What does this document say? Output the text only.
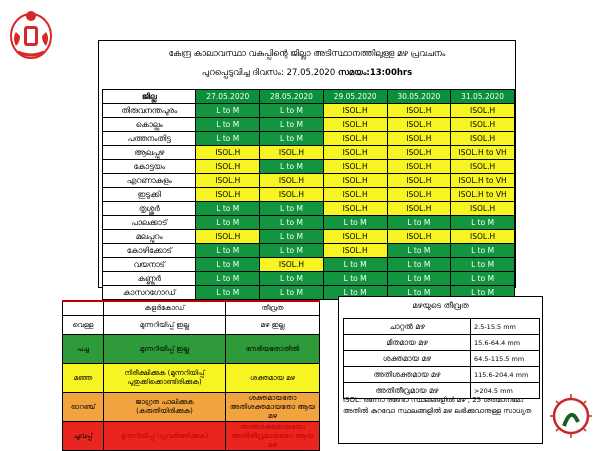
കേന്ദ്ര കാലാവസ്ഥാ വകുപ്പിന്റെ ജില്ലാ അടിസ്ഥാനത്തിലുള്ള മഴ പ്രവചനം
പുറപ്പെടുവിച്ച ദിവസം: 27.05.2020 സമയം:13:00hrs
ജില്ല	27.05.2020	28.05.2020	29.05.2020	30.05.2020	31.05.2020
തിരുവനന്തപുരം	L to M	L to M	ISOL.H	ISOL.H	ISOL.H
കൊല്ലം	L to M	L to M	ISOL.H	ISOL.H	ISOL.H
പത്തനംതിട്ട	L to M	L to M	ISOL.H	ISOL.H	ISOL.H
ആലപ്പുഴ	ISOL.H	ISOL.H	ISOL.H	ISOL.H	ISOL.H to VH
കോട്ടയം	ISOL.H	L to M	ISOL.H	ISOL.H	ISOL.H
എറണാകുളം	ISOL.H	ISOL.H	ISOL.H	ISOL.H	ISOL.H to VH
ഇടുക്കി	ISOL.H	ISOL.H	ISOL.H	ISOL.H	ISOL.H to VH
തൃശ്ശൂർ	L to M	L to M	ISOL.H	ISOL.H	ISOL.H
പാലക്കാട്	L to M	L to M	L to M	L to M	L to M
മലപ്പുറം	ISOL.H	L to M	ISOL.H	ISOL.H	ISOL.H
കോഴിക്കോട്	L to M	L to M	ISOL.H	L to M	L to M
വയനാട്	L to M	ISOL.H	L to M	L to M	L to M
കണ്ണൂർ	L to M	L to M	L to M	L to M	L to M
കാസറഗോഡ്	L to M	L to M	L to M	L to M	L to M
	കളർകോഡ്	തീവ്രത
വെള്ള	മുന്നറിയിപ്പ് ഇല്ല	മഴ ഇല്ല
പച്ച	മുന്നറിയിപ്പ് ഇല്ല	നേരിയതോതിൽ
മഞ്ഞ	നിരീക്ഷിക്കുക (മുന്നറിയിപ്പ് പുതുക്കിക്കൊണ്ടിരിക്കുക)	ശക്തമായ മഴ
ഓറഞ്ച്	ജാഗ്രത പാലിക്കുക (കരുതിയിരിക്കുക)	ശക്തമായതോ അതിശക്തമായതോ ആയ മഴ
ചുവപ്പ്	മുന്നറിയിപ്പ് (പ്രവർത്തിക്കുക)	അതിശക്തമായതോ അതിതീവ്രമായതോ ആയ മഴ
മഴയുടെ തീവ്രത
ചാറ്റൽ മഴ	2.5-15.5 mm
മിതമായ മഴ	15.6-64.4 mm
ശക്തമായ മഴ	64.5-115.5 mm
അതിശക്തമായ മഴ	115.6-204.4 mm
അതിതീവ്രമായ മഴ	>204.5 mm
ISOL: ഒന്നോ രണ്ടോ സ്ഥലങ്ങളിൽ മഴ , 25 ശതമാനമോ അതിൽ കുറവോ സ്ഥലങ്ങളിൽ മഴ ലഭിക്കുവാനുള്ള സാധ്യത
